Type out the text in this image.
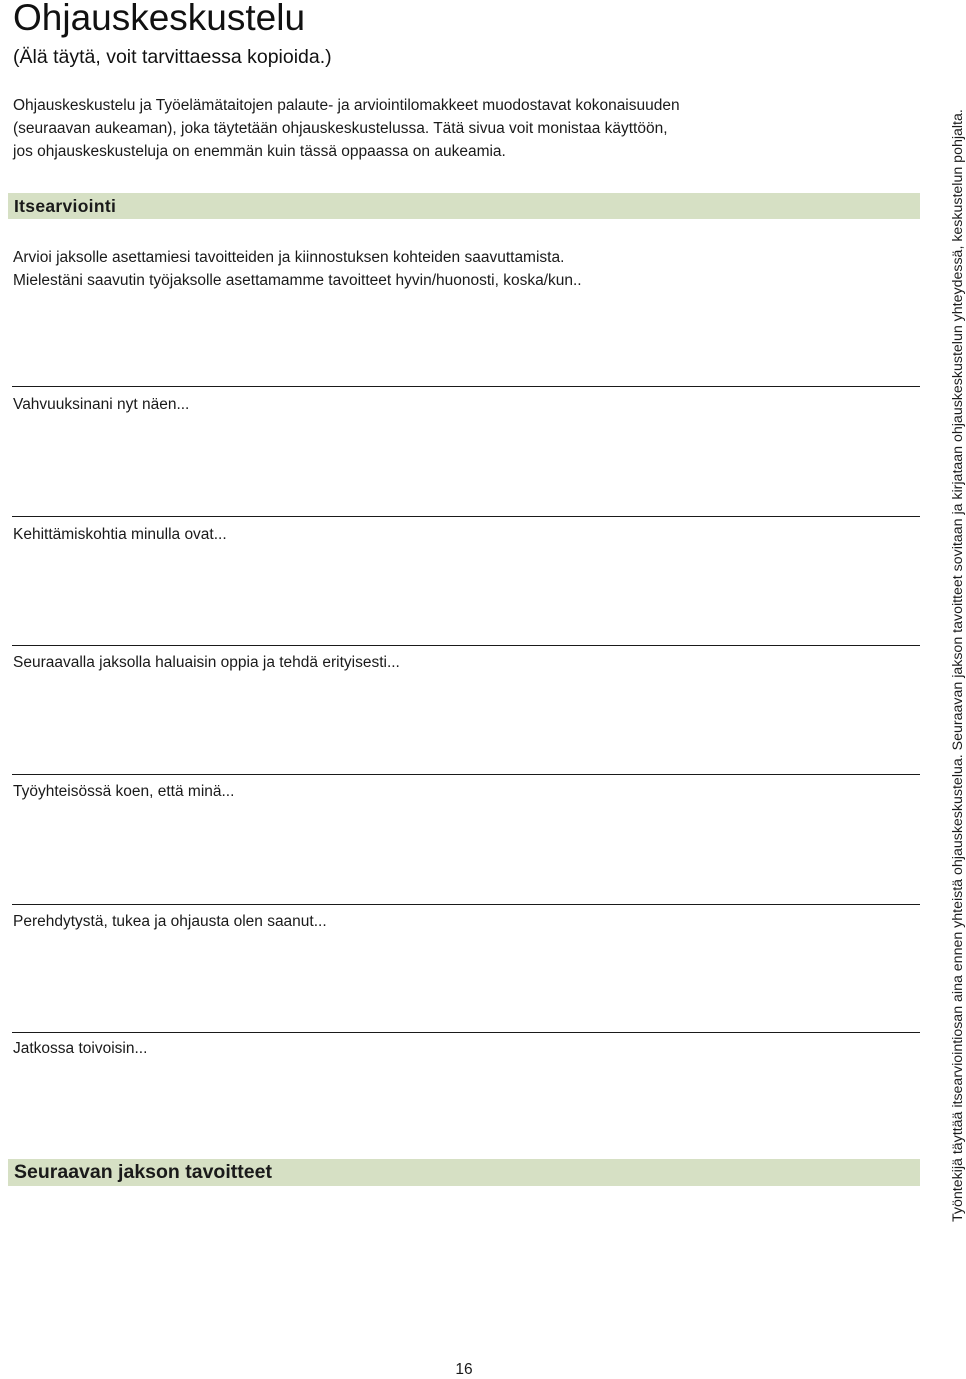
Ohjauskeskustelu
(Älä täytä, voit tarvittaessa kopioida.)
Ohjauskeskustelu ja Työelämätaitojen palaute- ja arviointilomakkeet muodostavat kokonaisuuden
(seuraavan aukeaman), joka täytetään ohjauskeskustelussa. Tätä sivua voit monistaa käyttöön,
jos ohjauskeskusteluja on enemmän kuin tässä oppaassa on aukeamia.
Itsearviointi
Arvioi jaksolle asettamiesi tavoitteiden ja kiinnostuksen kohteiden saavuttamista.
Mielestäni saavutin työjaksolle asettamamme tavoitteet hyvin/huonosti, koska/kun..
Vahvuuksinani nyt näen...
Kehittämiskohtia minulla ovat...
Seuraavalla jaksolla haluaisin oppia ja tehdä erityisesti...
Työyhteisössä koen, että minä...
Perehdytystä, tukea ja ohjausta olen saanut...
Jatkossa toivoisin...
Seuraavan jakson tavoitteet	Työntekijä täyttää itsearviointiosan aina ennen yhteistä ohjauskeskustelua. Seuraavan jakson tavoitteet sovitaan ja kirjataan ohjauskeskustelun yhteydessä, keskustelun pohjalta.
16
